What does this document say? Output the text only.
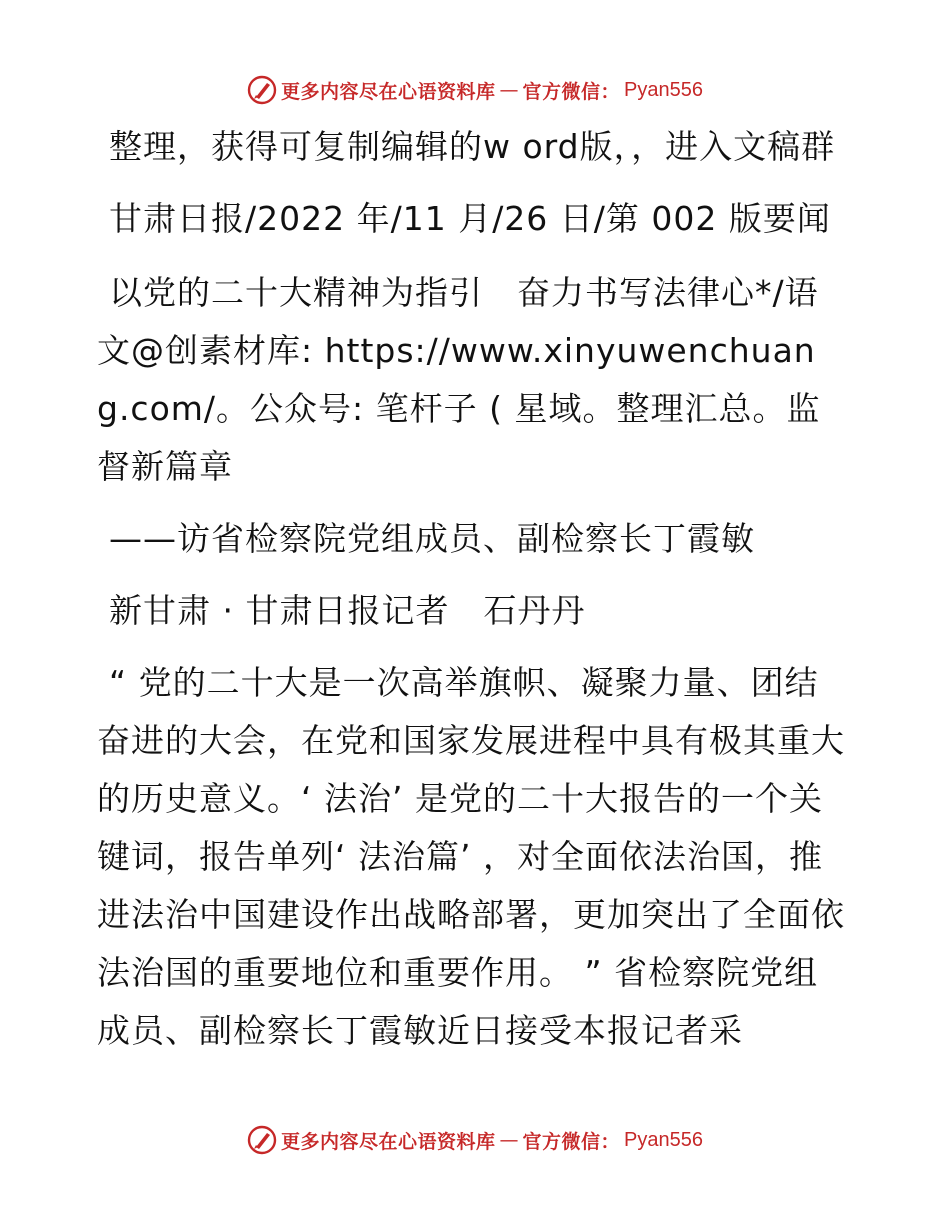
更多内容尽在心语资料库 — 官方微信： Pyan556

整理，获得可复制编辑的w ord版，，进入文稿群

甘肃日报/2022 年/11 月/26 日/第 002 版要闻

以党的二十大精神为指引　奋力书写法律心*/语文@创素材库: https://www.xinyuwenchuang.com/。公众号: 笔杆子 ( 星域。整理汇总。监督新篇章

——访省检察院党组成员、副检察长丁霞敏

新甘肃 · 甘肃日报记者　石丹丹

“ 党的二十大是一次高举旗帜、凝聚力量、团结奋进的大会，在党和国家发展进程中具有极其重大的历史意义。‘ 法治’ 是党的二十大报告的一个关键词，报告单列‘ 法治篇’ ，对全面依法治国，推进法治中国建设作出战略部署，更加突出了全面依法治国的重要地位和重要作用。 ” 省检察院党组成员、副检察长丁霞敏近日接受本报记者采

更多内容尽在心语资料库 — 官方微信： Pyan556
